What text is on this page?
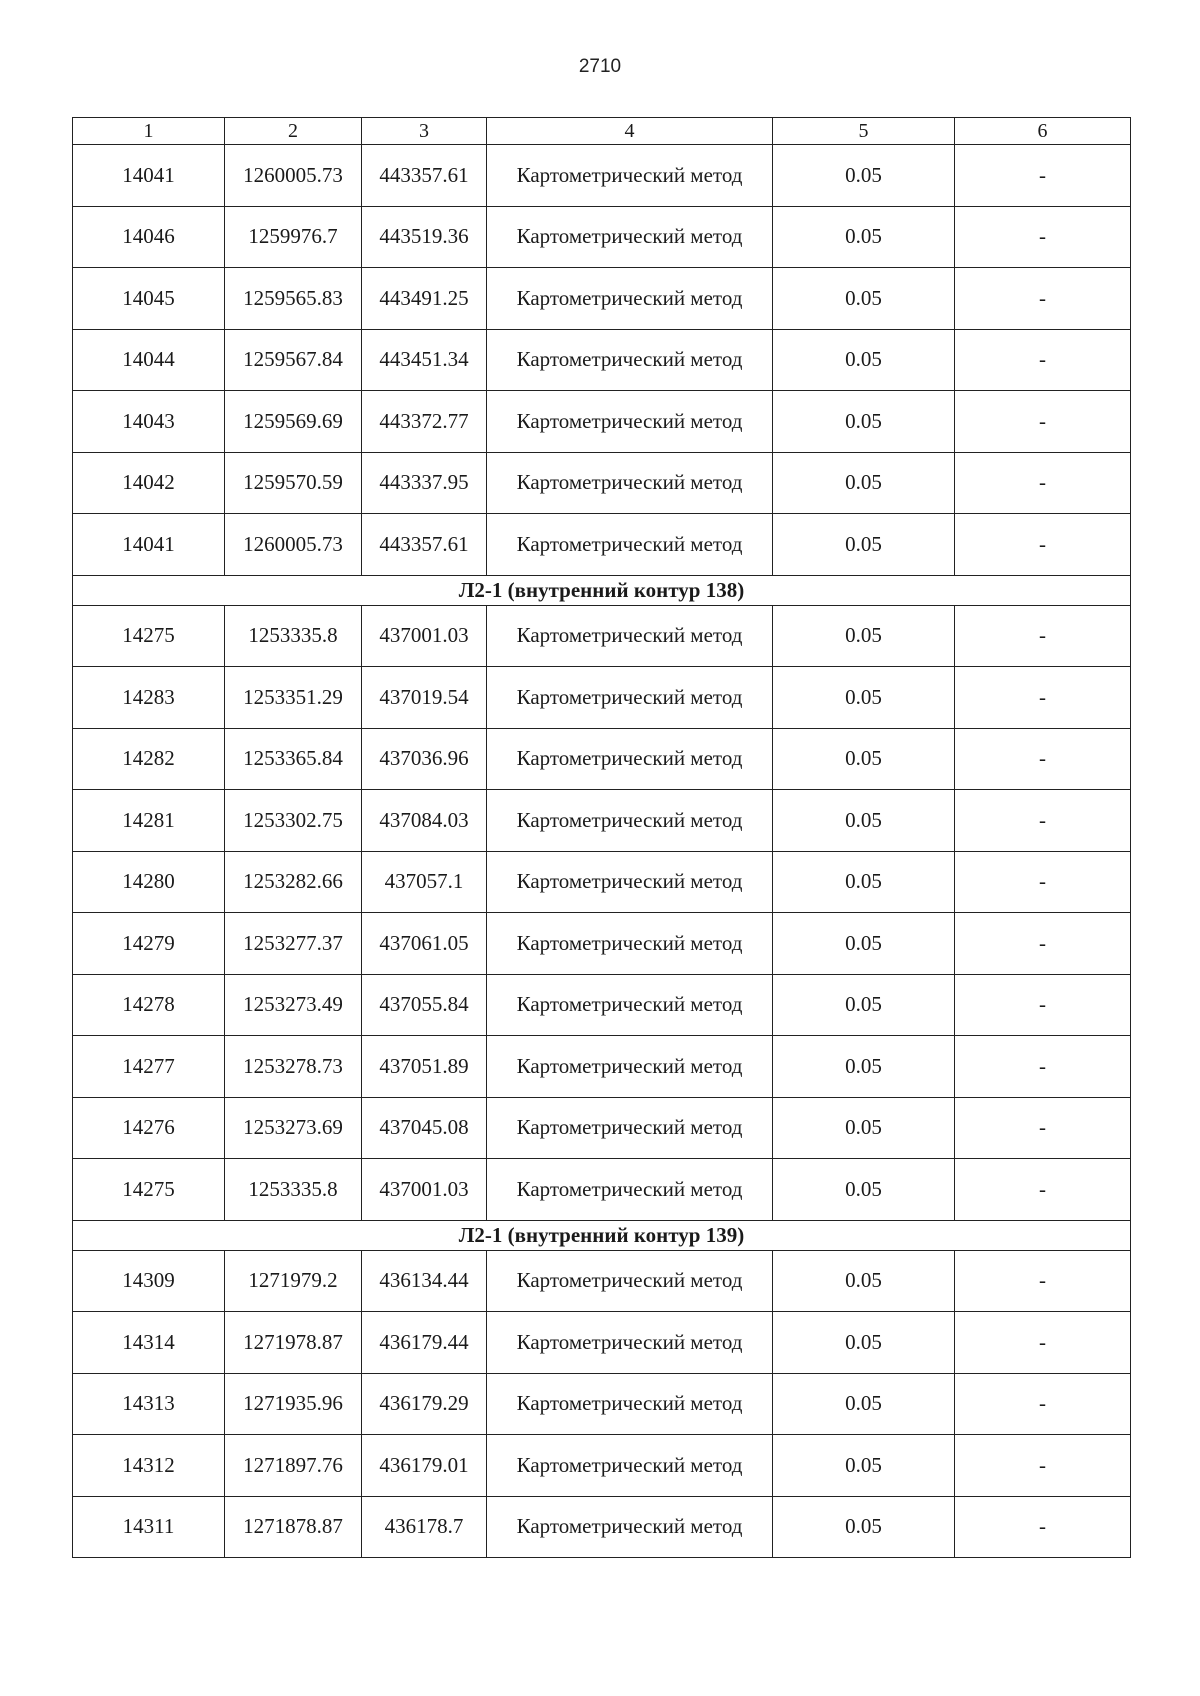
2710
1	2	3	4	5	6
14041	1260005.73	443357.61	Картометрический метод	0.05	-
14046	1259976.7	443519.36	Картометрический метод	0.05	-
14045	1259565.83	443491.25	Картометрический метод	0.05	-
14044	1259567.84	443451.34	Картометрический метод	0.05	-
14043	1259569.69	443372.77	Картометрический метод	0.05	-
14042	1259570.59	443337.95	Картометрический метод	0.05	-
14041	1260005.73	443357.61	Картометрический метод	0.05	-
Л2-1 (внутренний контур 138)					
14275	1253335.8	437001.03	Картометрический метод	0.05	-
14283	1253351.29	437019.54	Картометрический метод	0.05	-
14282	1253365.84	437036.96	Картометрический метод	0.05	-
14281	1253302.75	437084.03	Картометрический метод	0.05	-
14280	1253282.66	437057.1	Картометрический метод	0.05	-
14279	1253277.37	437061.05	Картометрический метод	0.05	-
14278	1253273.49	437055.84	Картометрический метод	0.05	-
14277	1253278.73	437051.89	Картометрический метод	0.05	-
14276	1253273.69	437045.08	Картометрический метод	0.05	-
14275	1253335.8	437001.03	Картометрический метод	0.05	-
Л2-1 (внутренний контур 139)					
14309	1271979.2	436134.44	Картометрический метод	0.05	-
14314	1271978.87	436179.44	Картометрический метод	0.05	-
14313	1271935.96	436179.29	Картометрический метод	0.05	-
14312	1271897.76	436179.01	Картометрический метод	0.05	-
14311	1271878.87	436178.7	Картометрический метод	0.05	-
